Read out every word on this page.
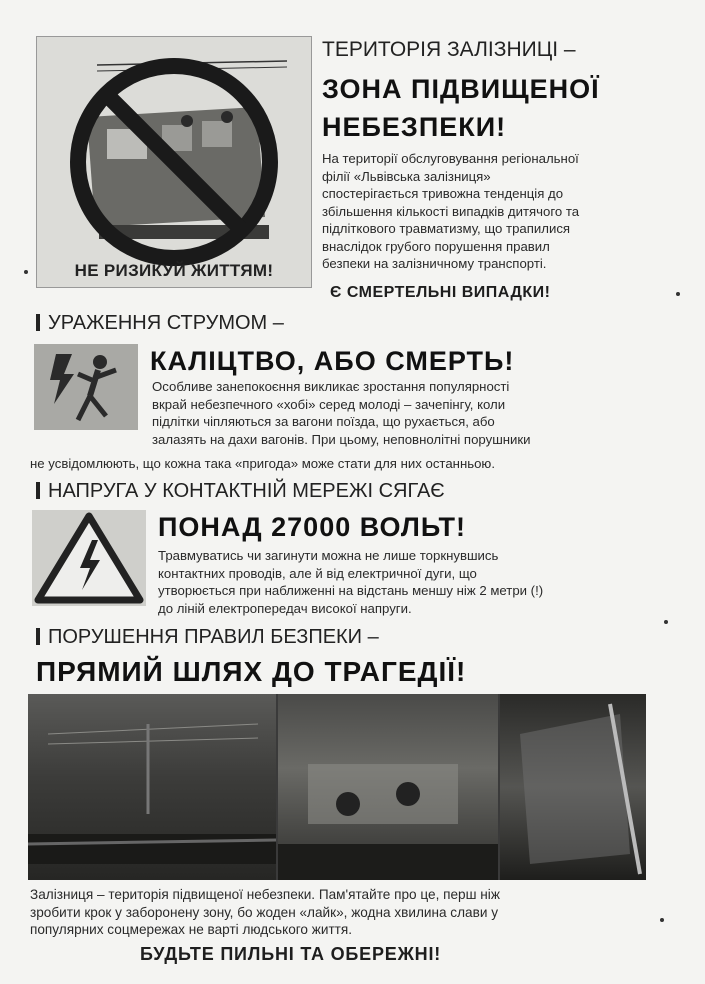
НЕ РИЗИКУЙ ЖИТТЯМ!
ТЕРИТОРІЯ ЗАЛІЗНИЦІ –
ЗОНА ПІДВИЩЕНОЇ
НЕБЕЗПЕКИ!
На території обслуговування регіональної
філії «Львівська залізниця»
спостерігається тривожна тенденція до
збільшення кількості випадків дитячого та
підліткового травматизму, що трапилися
внаслідок грубого порушення правил
безпеки на залізничному транспорті.
Є СМЕРТЕЛЬНІ ВИПАДКИ!
УРАЖЕННЯ СТРУМОМ –
КАЛІЦТВО, АБО СМЕРТЬ!
Особливе занепокоєння викликає зростання популярності
вкрай небезпечного «хобі» серед молоді – зачепінгу, коли
підлітки чіпляються за вагони поїзда, що рухається, або
залазять на дахи вагонів. При цьому, неповнолітні порушники
не усвідомлюють, що кожна така «пригода» може стати для них останньою.
НАПРУГА У КОНТАКТНІЙ МЕРЕЖІ СЯГАЄ
ПОНАД 27000 ВОЛЬТ!
Травмуватись чи загинути можна не лише торкнувшись
контактних проводів, але й від електричної дуги, що
утворюється при наближенні на відстань меншу ніж 2 метри (!)
до ліній електропередач високої напруги.
ПОРУШЕННЯ ПРАВИЛ БЕЗПЕКИ –
ПРЯМИЙ ШЛЯХ ДО ТРАГЕДІЇ!
Залізниця – територія підвищеної небезпеки. Пам'ятайте про це, перш ніж
зробити крок у заборонену зону, бо жоден «лайк», жодна хвилина слави у
популярних соцмережах не варті людського життя.
БУДЬТЕ ПИЛЬНІ ТА ОБЕРЕЖНІ!
